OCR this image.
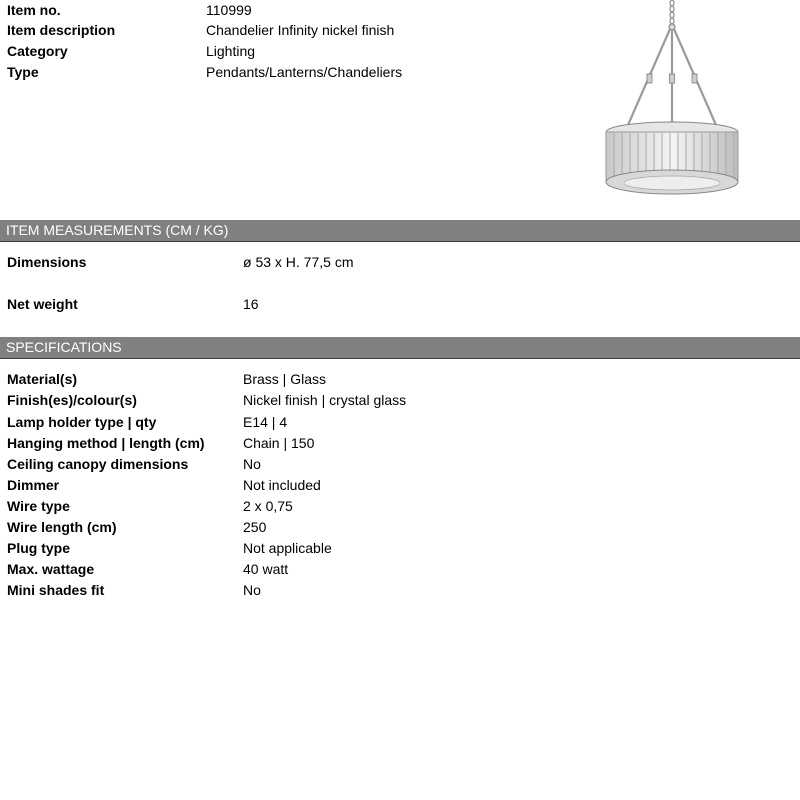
Item no.	110999
Item description	Chandelier Infinity nickel finish
Category	Lighting
Type	Pendants/Lanterns/Chandeliers
ITEM MEASUREMENTS (CM / KG)
Dimensions	ø 53 x H. 77,5 cm
Net weight	16
SPECIFICATIONS
Material(s)	Brass | Glass
Finish(es)/colour(s)	Nickel finish | crystal glass
Lamp holder type | qty	E14 | 4
Hanging method | length (cm)	Chain | 150
Ceiling canopy dimensions	No
Dimmer	Not included
Wire type	2 x 0,75
Wire length (cm)	250
Plug type	Not applicable
Max. wattage	40 watt
Mini shades fit	No
